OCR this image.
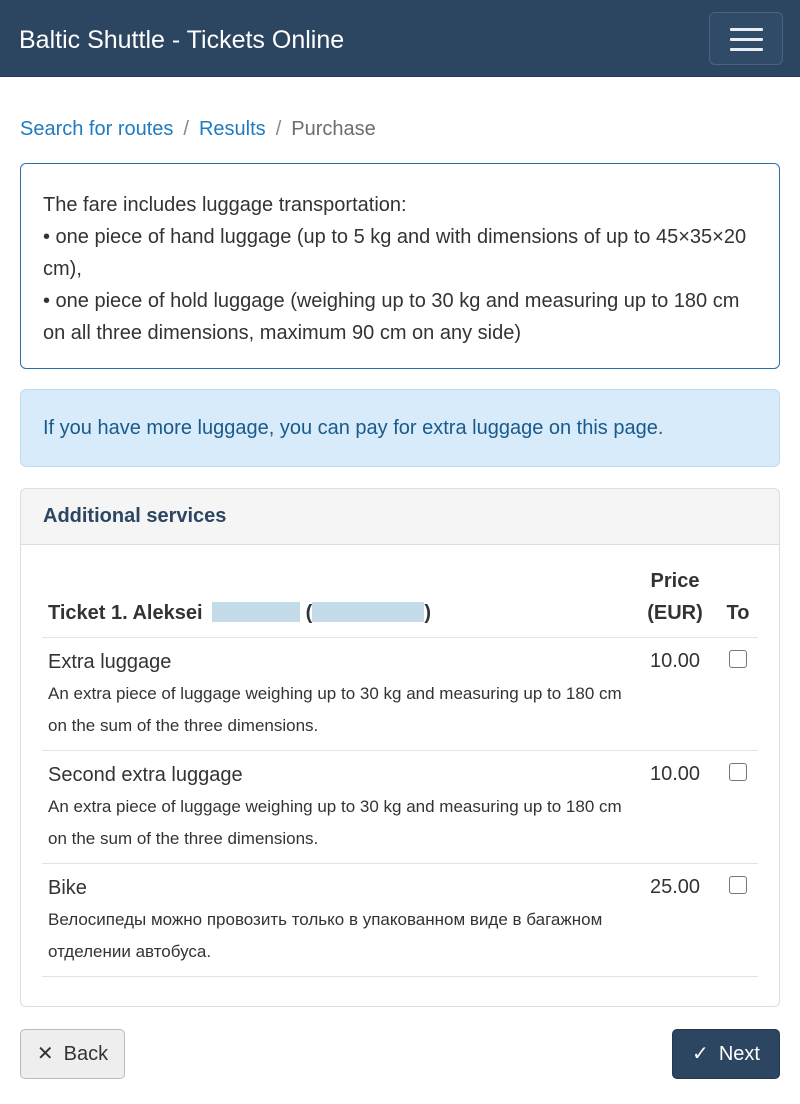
Baltic Shuttle - Tickets Online
Search for routes / Results / Purchase

The fare includes luggage transportation:

• one piece of hand luggage (up to 5 kg and with dimensions of up to 45×35×20 cm),

• one piece of hold luggage (weighing up to 30 kg and measuring up to 180 cm on all three dimensions, maximum 90 cm on any side)

If you have more luggage, you can pay for extra luggage on this page.
Additional services
Ticket 1. Aleksei ( )	Price (EUR)	To

Extra luggage
An extra piece of luggage weighing up to 30 kg and measuring up to 180 cm on the sum of the three dimensions.	10.00	

Second extra luggage
An extra piece of luggage weighing up to 30 kg and measuring up to 180 cm on the sum of the three dimensions.	10.00	

Bike
Велосипеды можно провозить только в упакованном виде в багажном отделении автобуса.	25.00	
✕ Back	✓ Next
